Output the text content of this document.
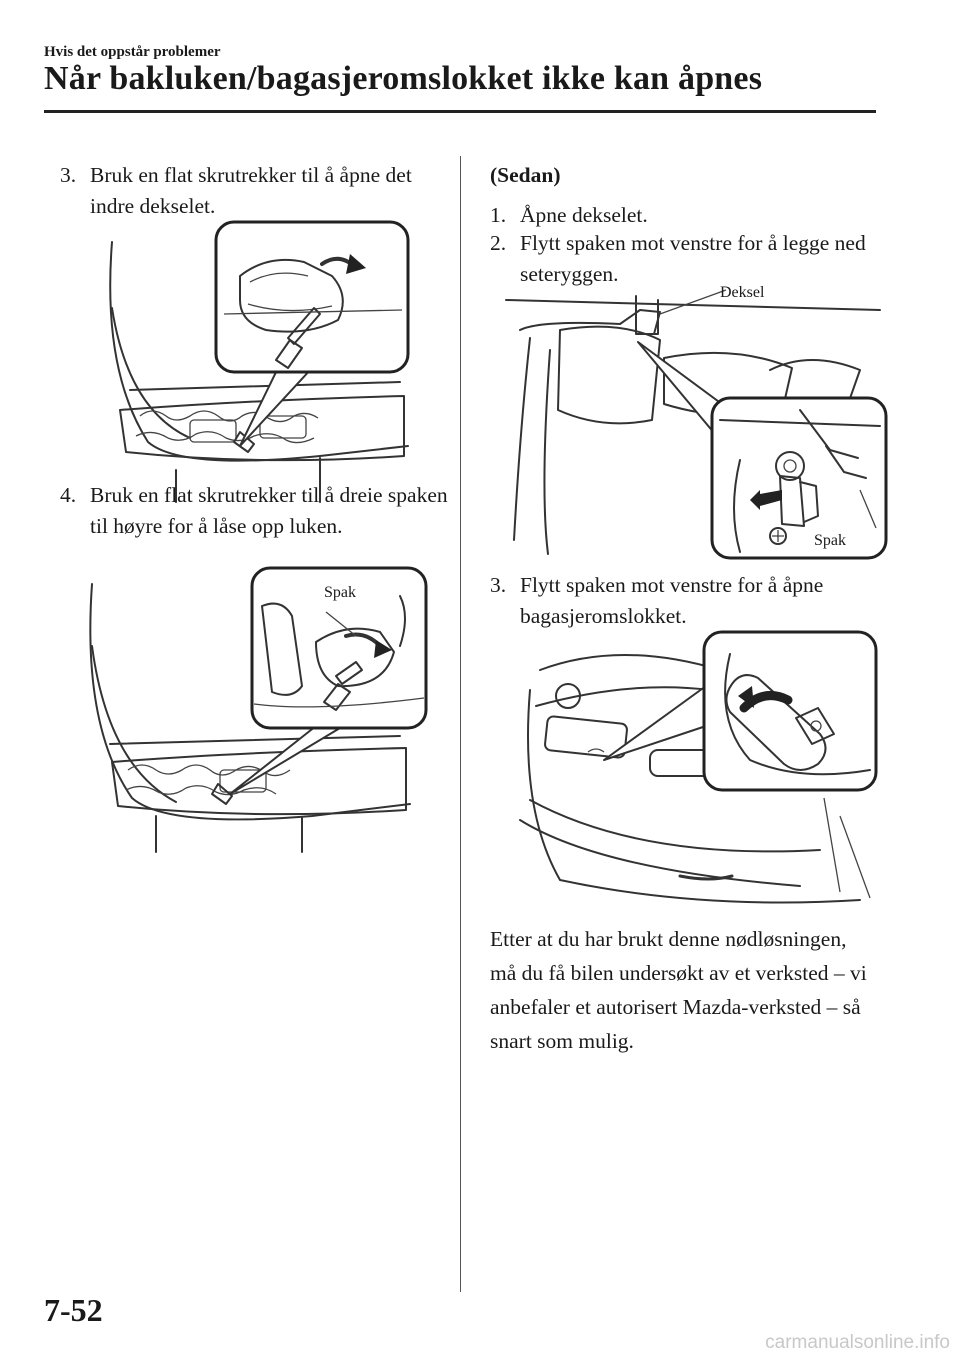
Hvis det oppstår problemer
Når bakluken/bagasjeromslokket ikke kan åpnes
3. Bruk en flat skrutrekker til å åpne det indre dekselet.
4. Bruk en flat skrutrekker til å dreie spaken til høyre for å låse opp luken.
Spak
(Sedan)
1. Åpne dekselet.
2. Flytt spaken mot venstre for å legge ned seteryggen.
Deksel
Spak
3. Flytt spaken mot venstre for å åpne bagasjeromslokket.
Etter at du har brukt denne nødløsningen, må du få bilen undersøkt av et verksted – vi anbefaler et autorisert Mazda-verksted – så snart som mulig.
7-52
carmanualsonline.info
